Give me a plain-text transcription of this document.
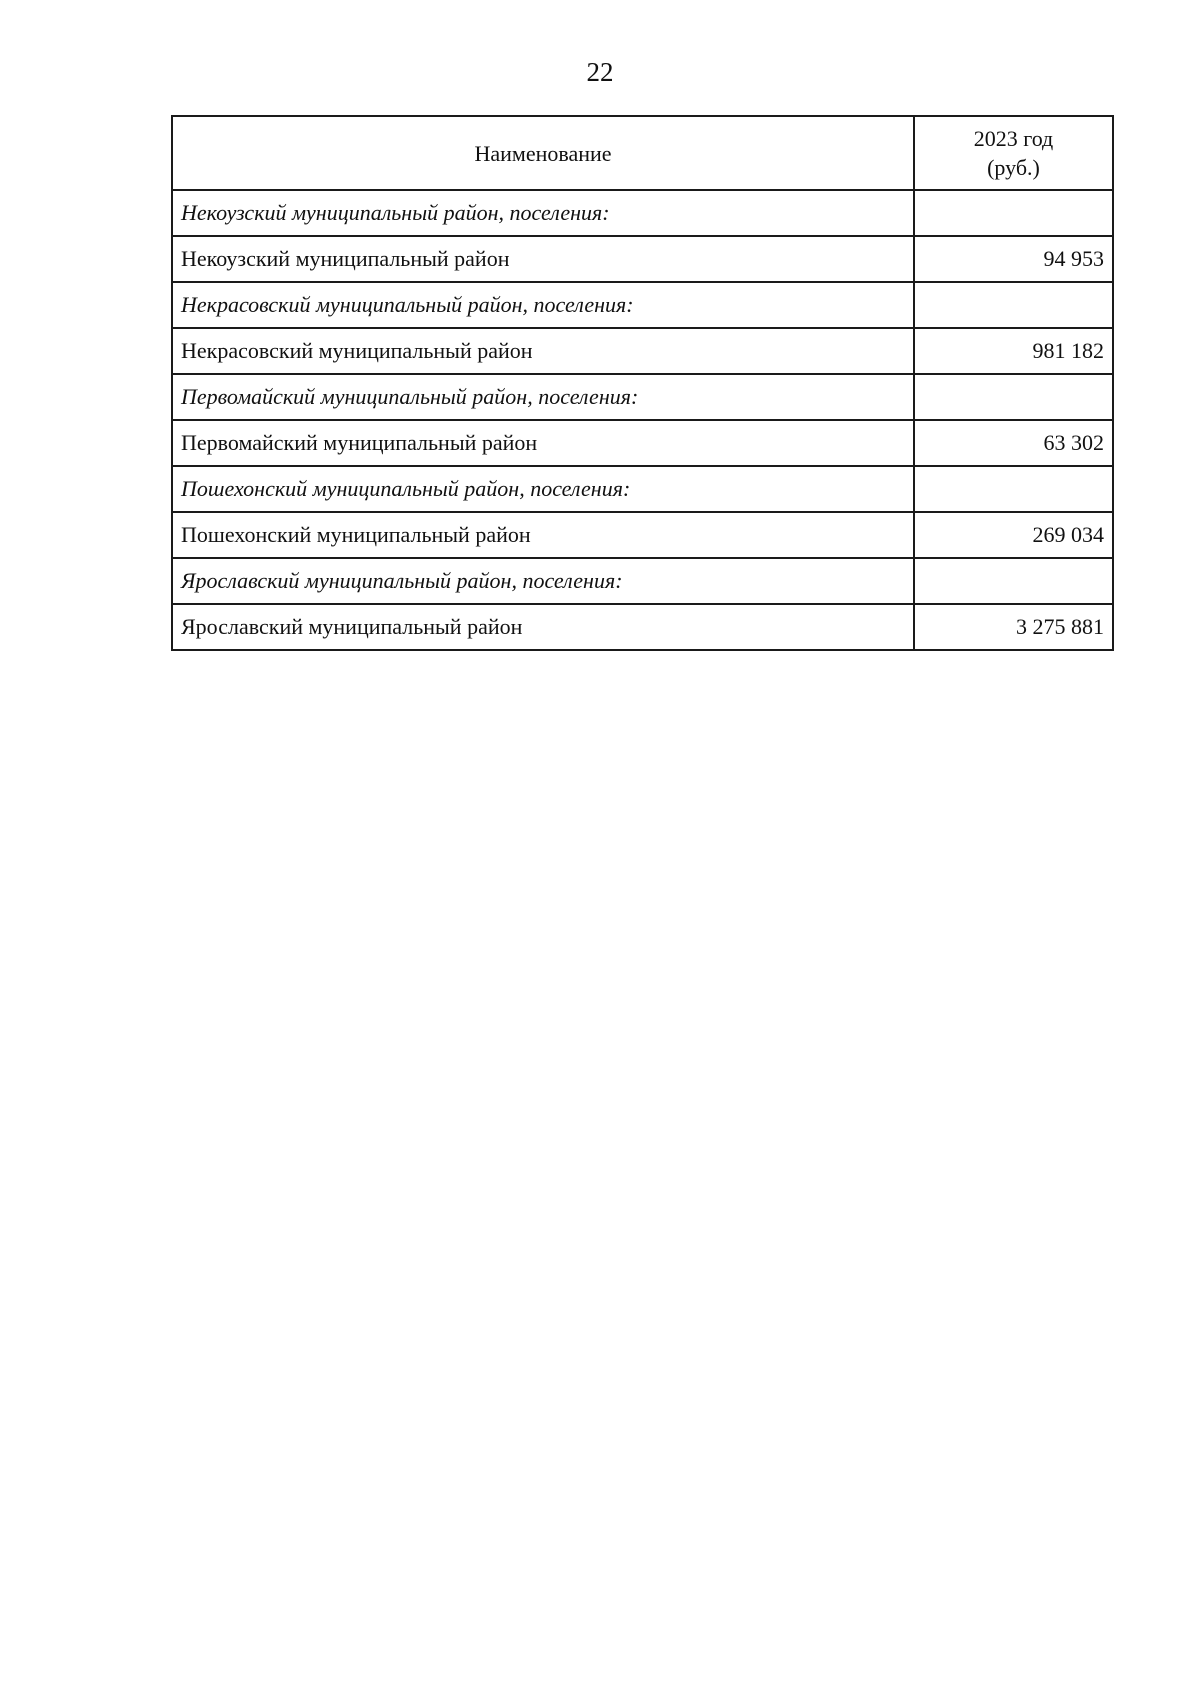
22
Наименование	2023 год
(руб.)

Некоузский муниципальный район, поселения:	
Некоузский муниципальный район	94 953
Некрасовский муниципальный район, поселения:	
Некрасовский муниципальный район	981 182
Первомайский муниципальный район, поселения:	
Первомайский муниципальный район	63 302
Пошехонский муниципальный район, поселения:	
Пошехонский муниципальный район	269 034
Ярославский муниципальный район, поселения:	
Ярославский муниципальный район	3 275 881
